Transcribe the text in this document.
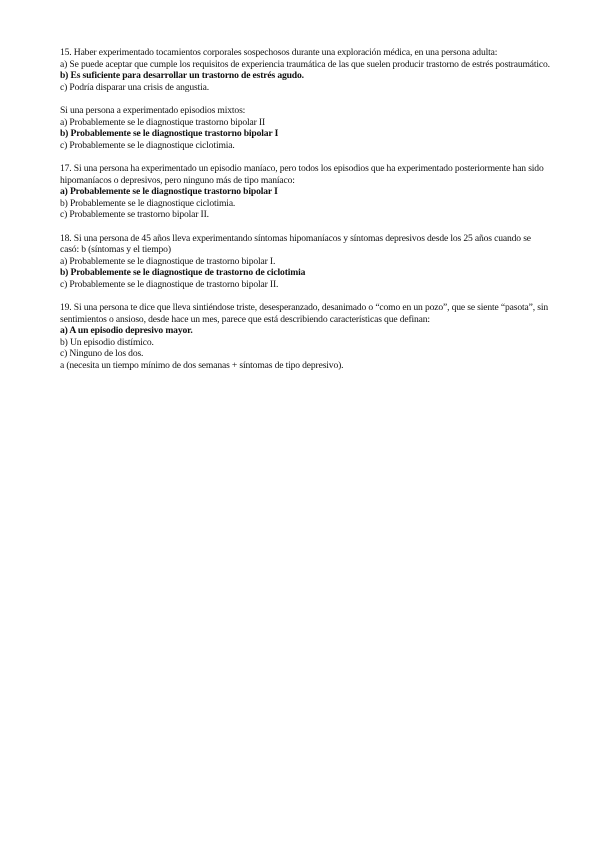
15. Haber experimentado tocamientos corporales sospechosos durante una exploración médica, en una persona adulta:
a) Se puede aceptar que cumple los requisitos de experiencia traumática de las que suelen producir trastorno de estrés postraumático.
b) Es suficiente para desarrollar un trastorno de estrés agudo.
c) Podría disparar una crisis de angustia.
Si una persona a experimentado episodios mixtos:
a) Probablemente se le diagnostique trastorno bipolar II
b) Probablemente se le diagnostique trastorno bipolar I
c) Probablemente se le diagnostique ciclotimia.
17. Si una persona ha experimentado un episodio maníaco, pero todos los episodios que ha experimentado posteriormente han sido hipomaníacos o depresivos, pero ninguno más de tipo maníaco:
a) Probablemente se le diagnostique trastorno bipolar I
b) Probablemente se le diagnostique ciclotimia.
c) Probablemente se trastorno bipolar II.
18. Si una persona de 45 años lleva experimentando síntomas hipomaníacos y síntomas depresivos desde los 25 años cuando se casó: b (síntomas y el tiempo)
a) Probablemente se le diagnostique de trastorno bipolar I.
b) Probablemente se le diagnostique de trastorno de ciclotimia
c) Probablemente se le diagnostique de trastorno bipolar II.
19. Si una persona te dice que lleva sintiéndose triste, desesperanzado, desanimado o “como en un pozo”, que se siente “pasota”, sin sentimientos o ansioso, desde hace un mes, parece que está describiendo características que definan:
a) A un episodio depresivo mayor.
b) Un episodio distímico.
c) Ninguno de los dos.
a (necesita un tiempo mínimo de dos semanas + síntomas de tipo depresivo).
